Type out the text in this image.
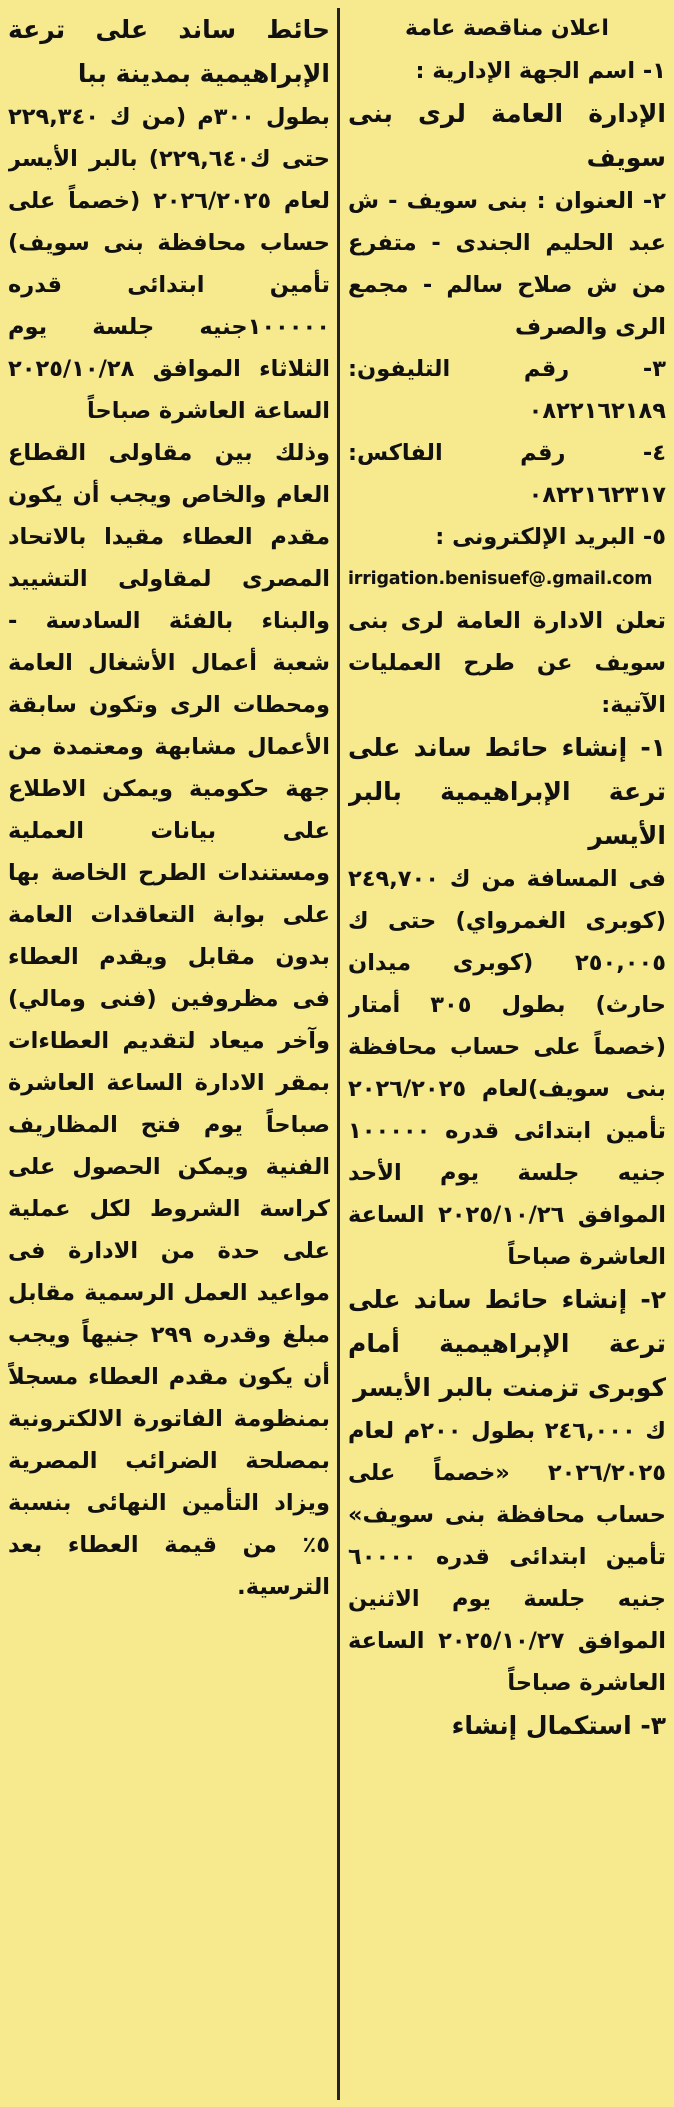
اعلان مناقصة عامة

١- اسم الجهة الإدارية :

الإدارة العامة لرى بنى سويف

٢- العنوان : بنى سويف - ش عبد الحليم الجندى - متفرع من ش صلاح سالم - مجمع الرى والصرف

٣- رقم التليفون: ٠٨٢٢١٦٢١٨٩

٤- رقم الفاكس: ٠٨٢٢١٦٢٣١٧

٥- البريد الإلكترونى :

irrigation.benisuef@.gmail.com

تعلن الادارة العامة لرى بنى سويف عن طرح العمليات الآتية:

١- إنشاء حائط ساند على ترعة الإبراهيمية بالبر الأيسر

فى المسافة من ك ٢٤٩,٧٠٠ (كوبرى الغمرواي) حتى ك ٢٥٠,٠٠٥ (كوبرى ميدان حارث) بطول ٣٠٥ أمتار (خصماً على حساب محافظة بنى سويف)لعام ٢٠٢٦/٢٠٢٥ تأمين ابتدائى قدره ١٠٠٠٠٠ جنيه جلسة يوم الأحد الموافق ٢٠٢٥/١٠/٢٦ الساعة العاشرة صباحاً

٢- إنشاء حائط ساند على ترعة الإبراهيمية أمام كوبرى تزمنت بالبر الأيسر

ك ٢٤٦,٠٠٠ بطول ٢٠٠م لعام ٢٠٢٦/٢٠٢٥ «خصماً على حساب محافظة بنى سويف» تأمين ابتدائى قدره ٦٠٠٠٠ جنيه جلسة يوم الاثنين الموافق ٢٠٢٥/١٠/٢٧ الساعة العاشرة صباحاً

٣- استكمال إنشاء

حائط ساند على ترعة الإبراهيمية بمدينة ببا

بطول ٣٠٠م (من ك ٢٢٩,٣٤٠ حتى ك٢٢٩,٦٤٠) بالبر الأيسر لعام ٢٠٢٦/٢٠٢٥ (خصماً على حساب محافظة بنى سويف) تأمين ابتدائى قدره ١٠٠٠٠٠جنيه جلسة يوم الثلاثاء الموافق ٢٠٢٥/١٠/٢٨ الساعة العاشرة صباحاً

وذلك بين مقاولى القطاع العام والخاص ويجب أن يكون مقدم العطاء مقيدا بالاتحاد المصرى لمقاولى التشييد والبناء بالفئة السادسة - شعبة أعمال الأشغال العامة ومحطات الرى وتكون سابقة الأعمال مشابهة ومعتمدة من جهة حكومية ويمكن الاطلاع على بيانات العملية ومستندات الطرح الخاصة بها على بوابة التعاقدات العامة بدون مقابل ويقدم العطاء فى مظروفين (فنى ومالي) وآخر ميعاد لتقديم العطاءات بمقر الادارة الساعة العاشرة صباحاً يوم فتح المظاريف الفنية ويمكن الحصول على كراسة الشروط لكل عملية على حدة من الادارة فى مواعيد العمل الرسمية مقابل مبلغ وقدره ٢٩٩ جنيهاً ويجب أن يكون مقدم العطاء مسجلاً بمنظومة الفاتورة الالكترونية بمصلحة الضرائب المصرية ويزاد التأمين النهائى بنسبة ٥٪ من قيمة العطاء بعد الترسية.
